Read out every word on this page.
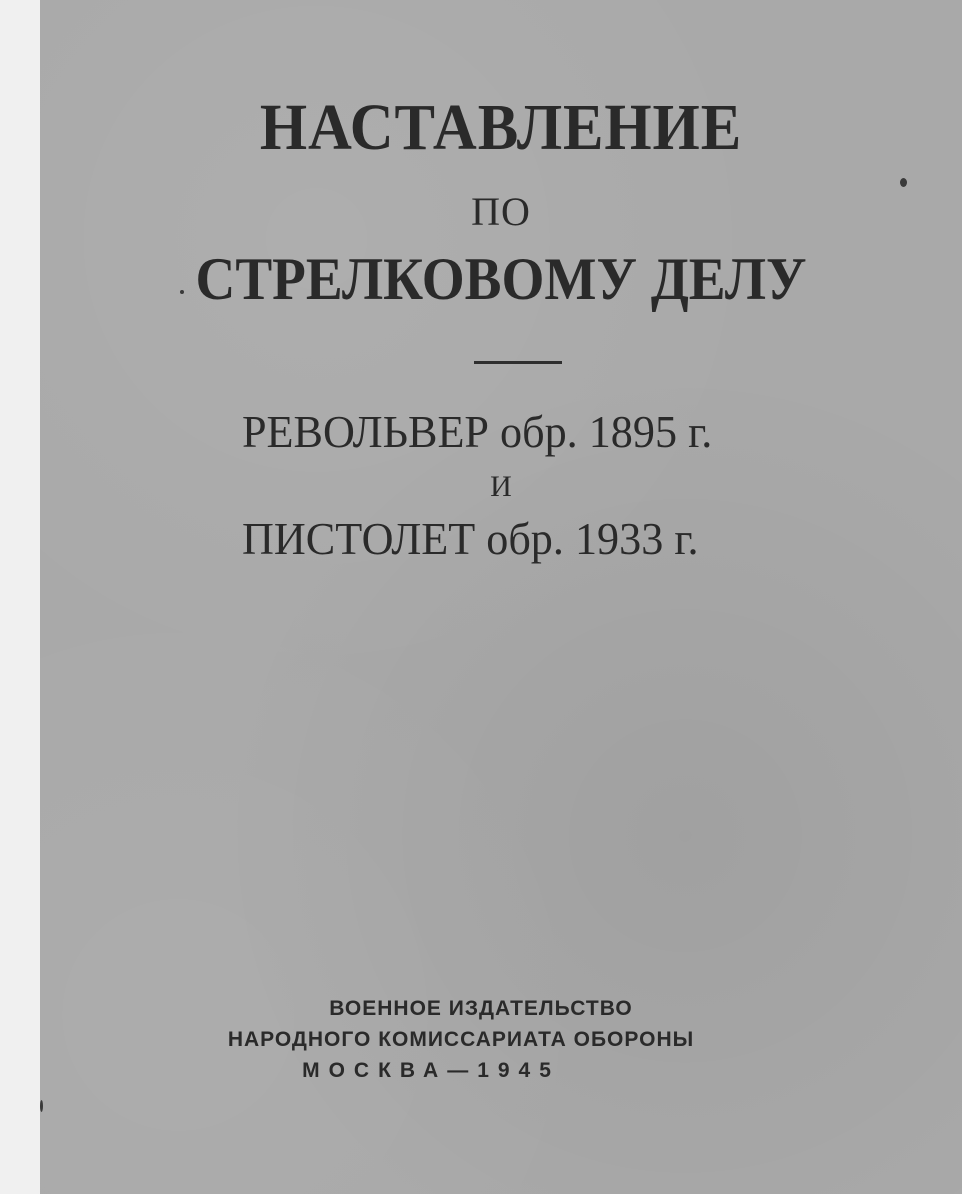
НАСТАВЛЕНИЕ
ПО
СТРЕЛКОВОМУ ДЕЛУ
РЕВОЛЬВЕР обр. 1895 г.
И
ПИСТОЛЕТ обр. 1933 г.
ВОЕННОЕ ИЗДАТЕЛЬСТВО
НАРОДНОГО КОМИССАРИАТА ОБОРОНЫ
МОСКВА—1945
